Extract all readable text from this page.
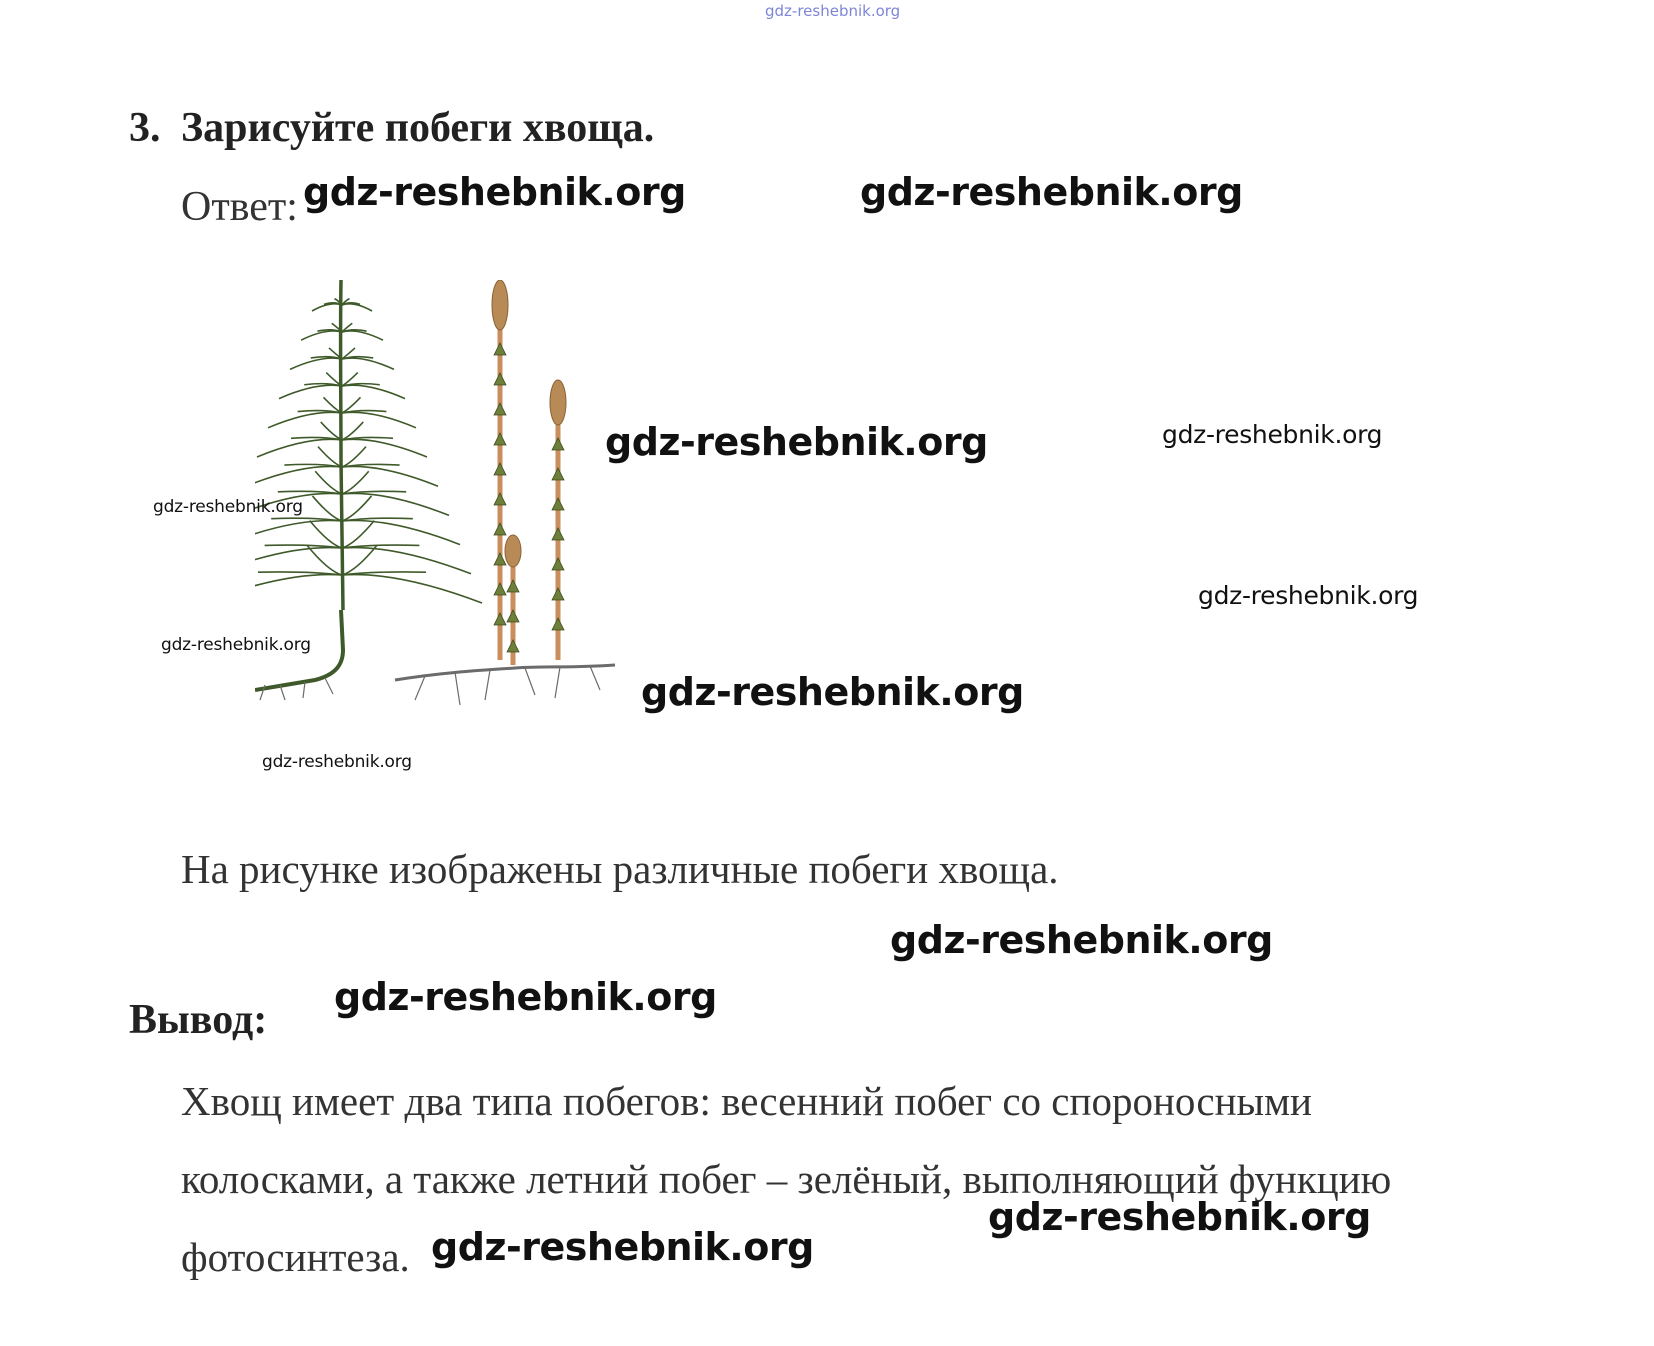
gdz-reshebnik.org
3. Зарисуйте побеги хвоща.
Ответ:
На рисунке изображены различные побеги хвоща.
Вывод:
Хвощ имеет два типа побегов: весенний побег со спороносными
колосками, а также летний побег – зелёный, выполняющий функцию
фотосинтеза.
gdz-reshebnik.org	gdz-reshebnik.org
gdz-reshebnik.org	gdz-reshebnik.org
gdz-reshebnik.org
gdz-reshebnik.org
gdz-reshebnik.org
gdz-reshebnik.org
gdz-reshebnik.org
gdz-reshebnik.org
gdz-reshebnik.org
gdz-reshebnik.org
gdz-reshebnik.org
